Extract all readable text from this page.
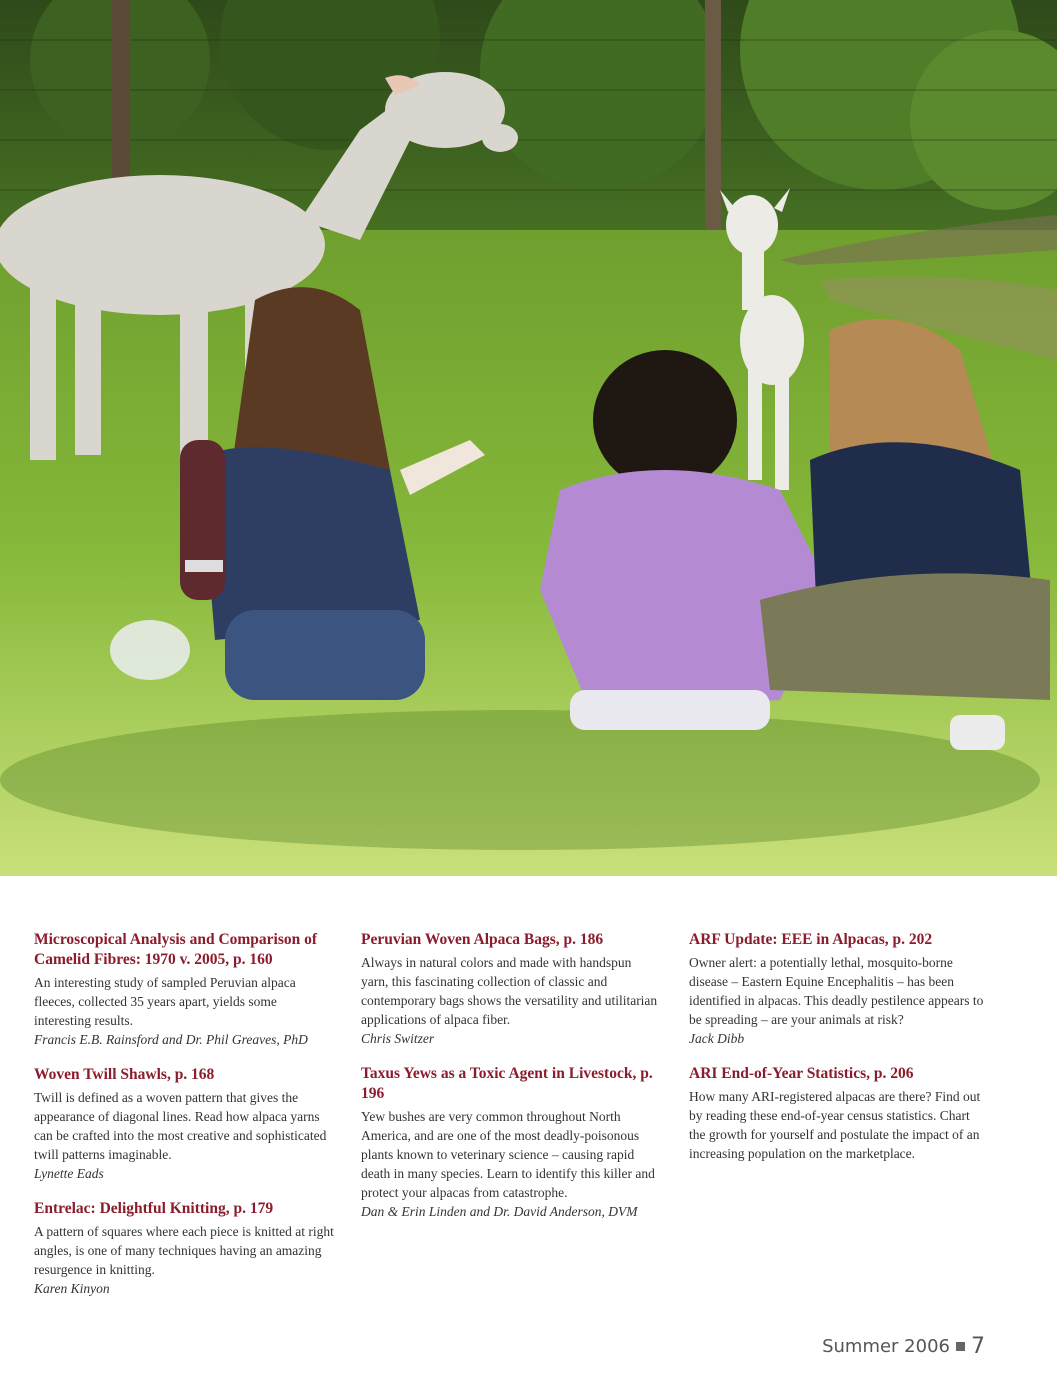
Microscopical Analysis and Comparison of Camelid Fibres: 1970 v. 2005, p. 160

An interesting study of sampled Peruvian alpaca fleeces, collected 35 years apart, yields some interesting results.

Francis E.B. Rainsford and Dr. Phil Greaves, PhD

Woven Twill Shawls, p. 168

Twill is defined as a woven pattern that gives the appearance of diagonal lines. Read how alpaca yarns can be crafted into the most creative and sophisticated twill patterns imaginable.

Lynette Eads

Entrelac: Delightful Knitting, p. 179

A pattern of squares where each piece is knitted at right angles, is one of many techniques having an amazing resurgence in knitting.

Karen Kinyon

Peruvian Woven Alpaca Bags, p. 186

Always in natural colors and made with handspun yarn, this fascinating collection of classic and contemporary bags shows the versatility and utilitarian applications of alpaca fiber.

Chris Switzer

Taxus Yews as a Toxic Agent in Livestock, p. 196

Yew bushes are very common throughout North America, and are one of the most deadly-poisonous plants known to veterinary science – causing rapid death in many species. Learn to identify this killer and protect your alpacas from catastrophe.

Dan & Erin Linden and Dr. David Anderson, DVM

ARF Update: EEE in Alpacas, p. 202

Owner alert: a potentially lethal, mosquito-borne disease – Eastern Equine Encephalitis – has been identified in alpacas. This deadly pestilence appears to be spreading – are your animals at risk?

Jack Dibb

ARI End-of-Year Statistics, p. 206

How many ARI-registered alpacas are there? Find out by reading these end-of-year census statistics. Chart the growth for yourself and postulate the impact of an increasing population on the marketplace.

Summer 2006 7
